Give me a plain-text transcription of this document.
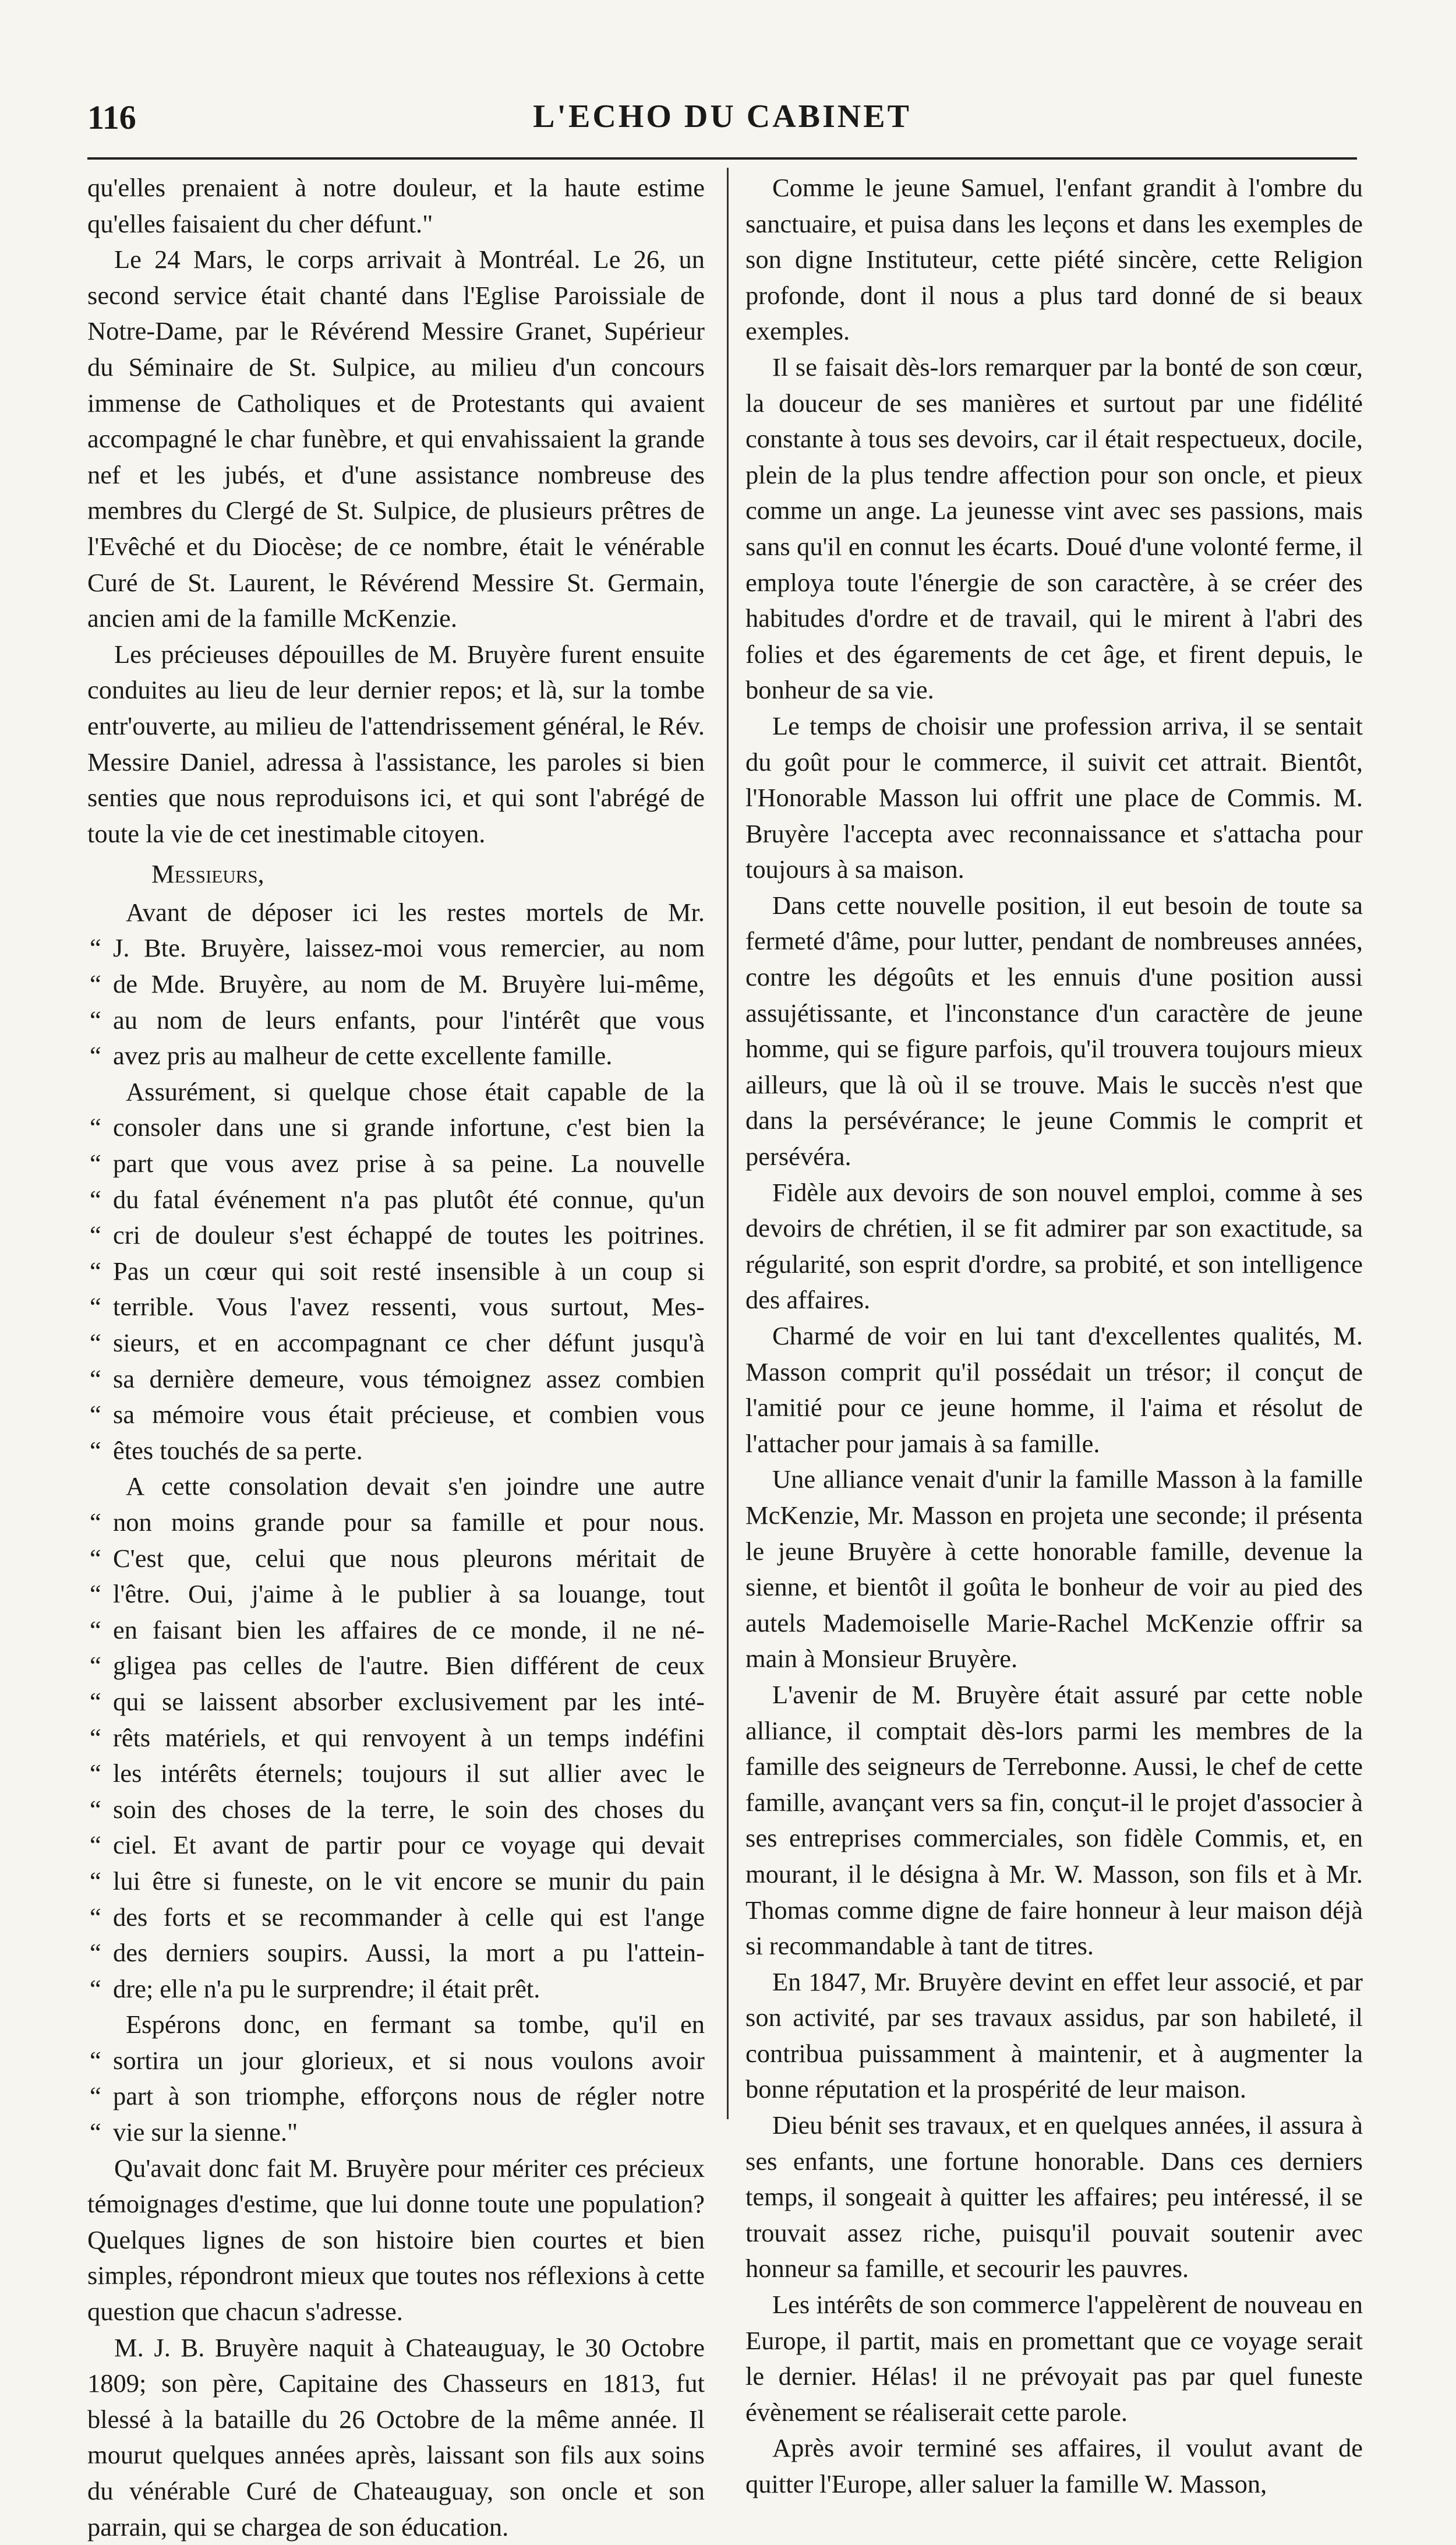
116	L'ECHO DU CABINET

qu'elles prenaient à notre douleur, et la haute estime qu'elles faisaient du cher défunt."

Le 24 Mars, le corps arrivait à Montréal. Le 26, un second service était chanté dans l'Eglise Paroissiale de Notre-Dame, par le Révérend Messire Granet, Supérieur du Séminaire de St. Sulpice, au milieu d'un concours immense de Catholiques et de Protestants qui avaient accompagné le char funèbre, et qui envahissaient la grande nef et les jubés, et d'une assistance nombreuse des membres du Clergé de St. Sulpice, de plusieurs prêtres de l'Evêché et du Diocèse; de ce nombre, était le vénérable Curé de St. Laurent, le Révérend Messire St. Germain, ancien ami de la famille McKenzie.

Les précieuses dépouilles de M. Bruyère furent ensuite conduites au lieu de leur dernier repos; et là, sur la tombe entr'ouverte, au milieu de l'attendrissement général, le Rév. Messire Daniel, adressa à l'assistance, les paroles si bien senties que nous reproduisons ici, et qui sont l'abrégé de toute la vie de cet inestimable citoyen.

Messieurs,

Avant de déposer ici les restes mortels de Mr.
“ J. Bte. Bruyère, laissez-moi vous remercier, au nom
“ de Mde. Bruyère, au nom de M. Bruyère lui-même,
“ au nom de leurs enfants, pour l'intérêt que vous
“ avez pris au malheur de cette excellente famille.
Assurément, si quelque chose était capable de la
“ consoler dans une si grande infortune, c'est bien la
“ part que vous avez prise à sa peine. La nouvelle
“ du fatal événement n'a pas plutôt été connue, qu'un
“ cri de douleur s'est échappé de toutes les poitrines.
“ Pas un cœur qui soit resté insensible à un coup si
“ terrible. Vous l'avez ressenti, vous surtout, Mes-
“ sieurs, et en accompagnant ce cher défunt jusqu'à
“ sa dernière demeure, vous témoignez assez combien
“ sa mémoire vous était précieuse, et combien vous
“ êtes touchés de sa perte.
A cette consolation devait s'en joindre une autre
“ non moins grande pour sa famille et pour nous.
“ C'est que, celui que nous pleurons méritait de
“ l'être. Oui, j'aime à le publier à sa louange, tout
“ en faisant bien les affaires de ce monde, il ne né-
“ gligea pas celles de l'autre. Bien différent de ceux
“ qui se laissent absorber exclusivement par les inté-
“ rêts matériels, et qui renvoyent à un temps indéfini
“ les intérêts éternels; toujours il sut allier avec le
“ soin des choses de la terre, le soin des choses du
“ ciel. Et avant de partir pour ce voyage qui devait
“ lui être si funeste, on le vit encore se munir du pain
“ des forts et se recommander à celle qui est l'ange
“ des derniers soupirs. Aussi, la mort a pu l'attein-
“ dre; elle n'a pu le surprendre; il était prêt.
Espérons donc, en fermant sa tombe, qu'il en
“ sortira un jour glorieux, et si nous voulons avoir
“ part à son triomphe, efforçons nous de régler notre
“ vie sur la sienne."

Qu'avait donc fait M. Bruyère pour mériter ces précieux témoignages d'estime, que lui donne toute une population? Quelques lignes de son histoire bien courtes et bien simples, répondront mieux que toutes nos réflexions à cette question que chacun s'adresse.

M. J. B. Bruyère naquit à Chateauguay, le 30 Octobre 1809; son père, Capitaine des Chasseurs en 1813, fut blessé à la bataille du 26 Octobre de la même année. Il mourut quelques années après, laissant son fils aux soins du vénérable Curé de Chateauguay, son oncle et son parrain, qui se chargea de son éducation.

Comme le jeune Samuel, l'enfant grandit à l'ombre du sanctuaire, et puisa dans les leçons et dans les exemples de son digne Instituteur, cette piété sincère, cette Religion profonde, dont il nous a plus tard donné de si beaux exemples.

Il se faisait dès-lors remarquer par la bonté de son cœur, la douceur de ses manières et surtout par une fidélité constante à tous ses devoirs, car il était respectueux, docile, plein de la plus tendre affection pour son oncle, et pieux comme un ange. La jeunesse vint avec ses passions, mais sans qu'il en connut les écarts. Doué d'une volonté ferme, il employa toute l'énergie de son caractère, à se créer des habitudes d'ordre et de travail, qui le mirent à l'abri des folies et des égarements de cet âge, et firent depuis, le bonheur de sa vie.

Le temps de choisir une profession arriva, il se sentait du goût pour le commerce, il suivit cet attrait. Bientôt, l'Honorable Masson lui offrit une place de Commis. M. Bruyère l'accepta avec reconnaissance et s'attacha pour toujours à sa maison.

Dans cette nouvelle position, il eut besoin de toute sa fermeté d'âme, pour lutter, pendant de nombreuses années, contre les dégoûts et les ennuis d'une position aussi assujétissante, et l'inconstance d'un caractère de jeune homme, qui se figure parfois, qu'il trouvera toujours mieux ailleurs, que là où il se trouve. Mais le succès n'est que dans la persévérance; le jeune Commis le comprit et persévéra.

Fidèle aux devoirs de son nouvel emploi, comme à ses devoirs de chrétien, il se fit admirer par son exactitude, sa régularité, son esprit d'ordre, sa probité, et son intelligence des affaires.

Charmé de voir en lui tant d'excellentes qualités, M. Masson comprit qu'il possédait un trésor; il conçut de l'amitié pour ce jeune homme, il l'aima et résolut de l'attacher pour jamais à sa famille.

Une alliance venait d'unir la famille Masson à la famille McKenzie, Mr. Masson en projeta une seconde; il présenta le jeune Bruyère à cette honorable famille, devenue la sienne, et bientôt il goûta le bonheur de voir au pied des autels Mademoiselle Marie-Rachel McKenzie offrir sa main à Monsieur Bruyère.

L'avenir de M. Bruyère était assuré par cette noble alliance, il comptait dès-lors parmi les membres de la famille des seigneurs de Terrebonne. Aussi, le chef de cette famille, avançant vers sa fin, conçut-il le projet d'associer à ses entreprises commerciales, son fidèle Commis, et, en mourant, il le désigna à Mr. W. Masson, son fils et à Mr. Thomas comme digne de faire honneur à leur maison déjà si recommandable à tant de titres.

En 1847, Mr. Bruyère devint en effet leur associé, et par son activité, par ses travaux assidus, par son habileté, il contribua puissamment à maintenir, et à augmenter la bonne réputation et la prospérité de leur maison.

Dieu bénit ses travaux, et en quelques années, il assura à ses enfants, une fortune honorable. Dans ces derniers temps, il songeait à quitter les affaires; peu intéressé, il se trouvait assez riche, puisqu'il pouvait soutenir avec honneur sa famille, et secourir les pauvres.

Les intérêts de son commerce l'appelèrent de nouveau en Europe, il partit, mais en promettant que ce voyage serait le dernier. Hélas! il ne prévoyait pas par quel funeste évènement se réaliserait cette parole.

Après avoir terminé ses affaires, il voulut avant de quitter l'Europe, aller saluer la famille W. Masson,
